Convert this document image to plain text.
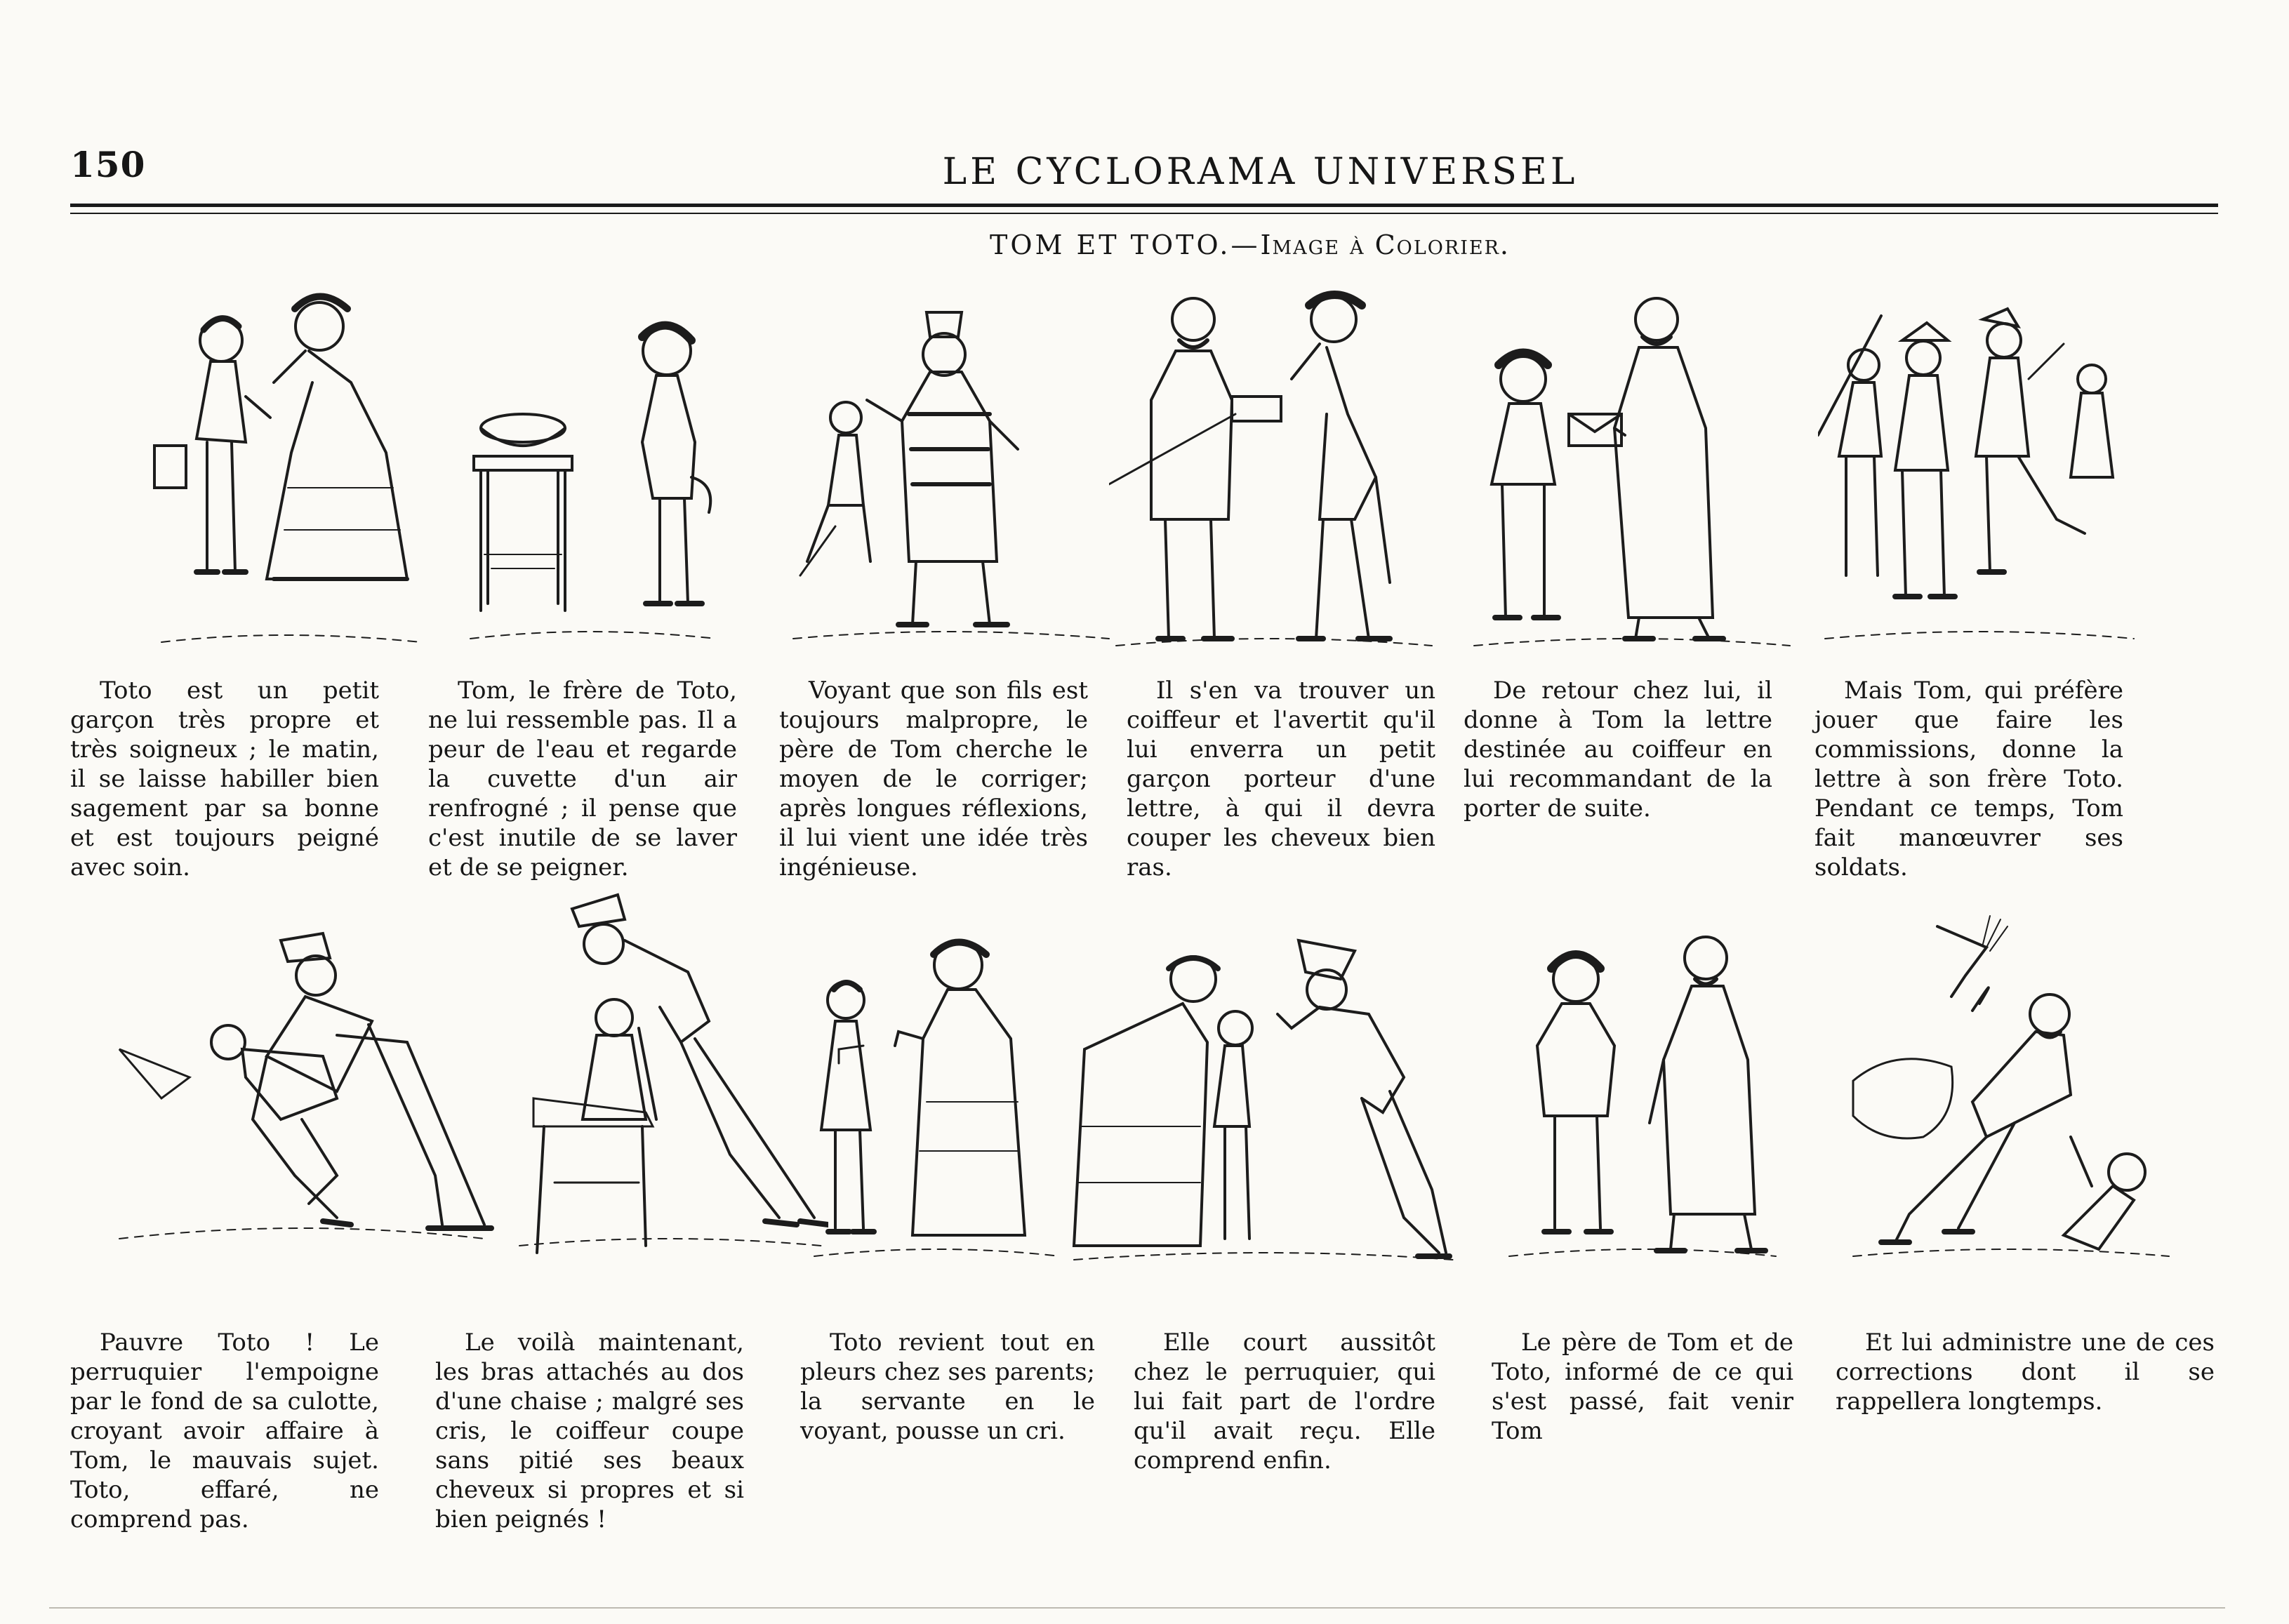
150	LE CYCLORAMA UNIVERSEL
TOM ET TOTO.—Image à Colorier.
Toto est un petit garçon très propre et très soigneux ; le matin, il se laisse habiller bien sagement par sa bonne et est toujours peigné avec soin.
Tom, le frère de Toto, ne lui ressemble pas. Il a peur de l'eau et regarde la cuvette d'un air renfrogné ; il pense que c'est inutile de se laver et de se peigner.
Voyant que son fils est toujours malpropre, le père de Tom cherche le moyen de le corriger; après longues réflexions, il lui vient une idée très ingénieuse.
Il s'en va trouver un coiffeur et l'avertit qu'il lui enverra un petit garçon porteur d'une lettre, à qui il devra couper les cheveux bien ras.
De retour chez lui, il donne à Tom la lettre destinée au coiffeur en lui recommandant de la porter de suite.
Mais Tom, qui préfère jouer que faire les commissions, donne la lettre à son frère Toto. Pendant ce temps, Tom fait manœuvrer ses soldats.
Pauvre Toto ! Le perruquier l'empoigne par le fond de sa culotte, croyant avoir affaire à Tom, le mauvais sujet. Toto, effaré, ne comprend pas.
Le voilà maintenant, les bras attachés au dos d'une chaise ; malgré ses cris, le coiffeur coupe sans pitié ses beaux cheveux si propres et si bien peignés !
Toto revient tout en pleurs chez ses parents; la servante en le voyant, pousse un cri.
Elle court aussitôt chez le perruquier, qui lui fait part de l'ordre qu'il avait reçu. Elle comprend enfin.
Le père de Tom et de Toto, informé de ce qui s'est passé, fait venir Tom
Et lui administre une de ces corrections dont il se rappellera longtemps.
